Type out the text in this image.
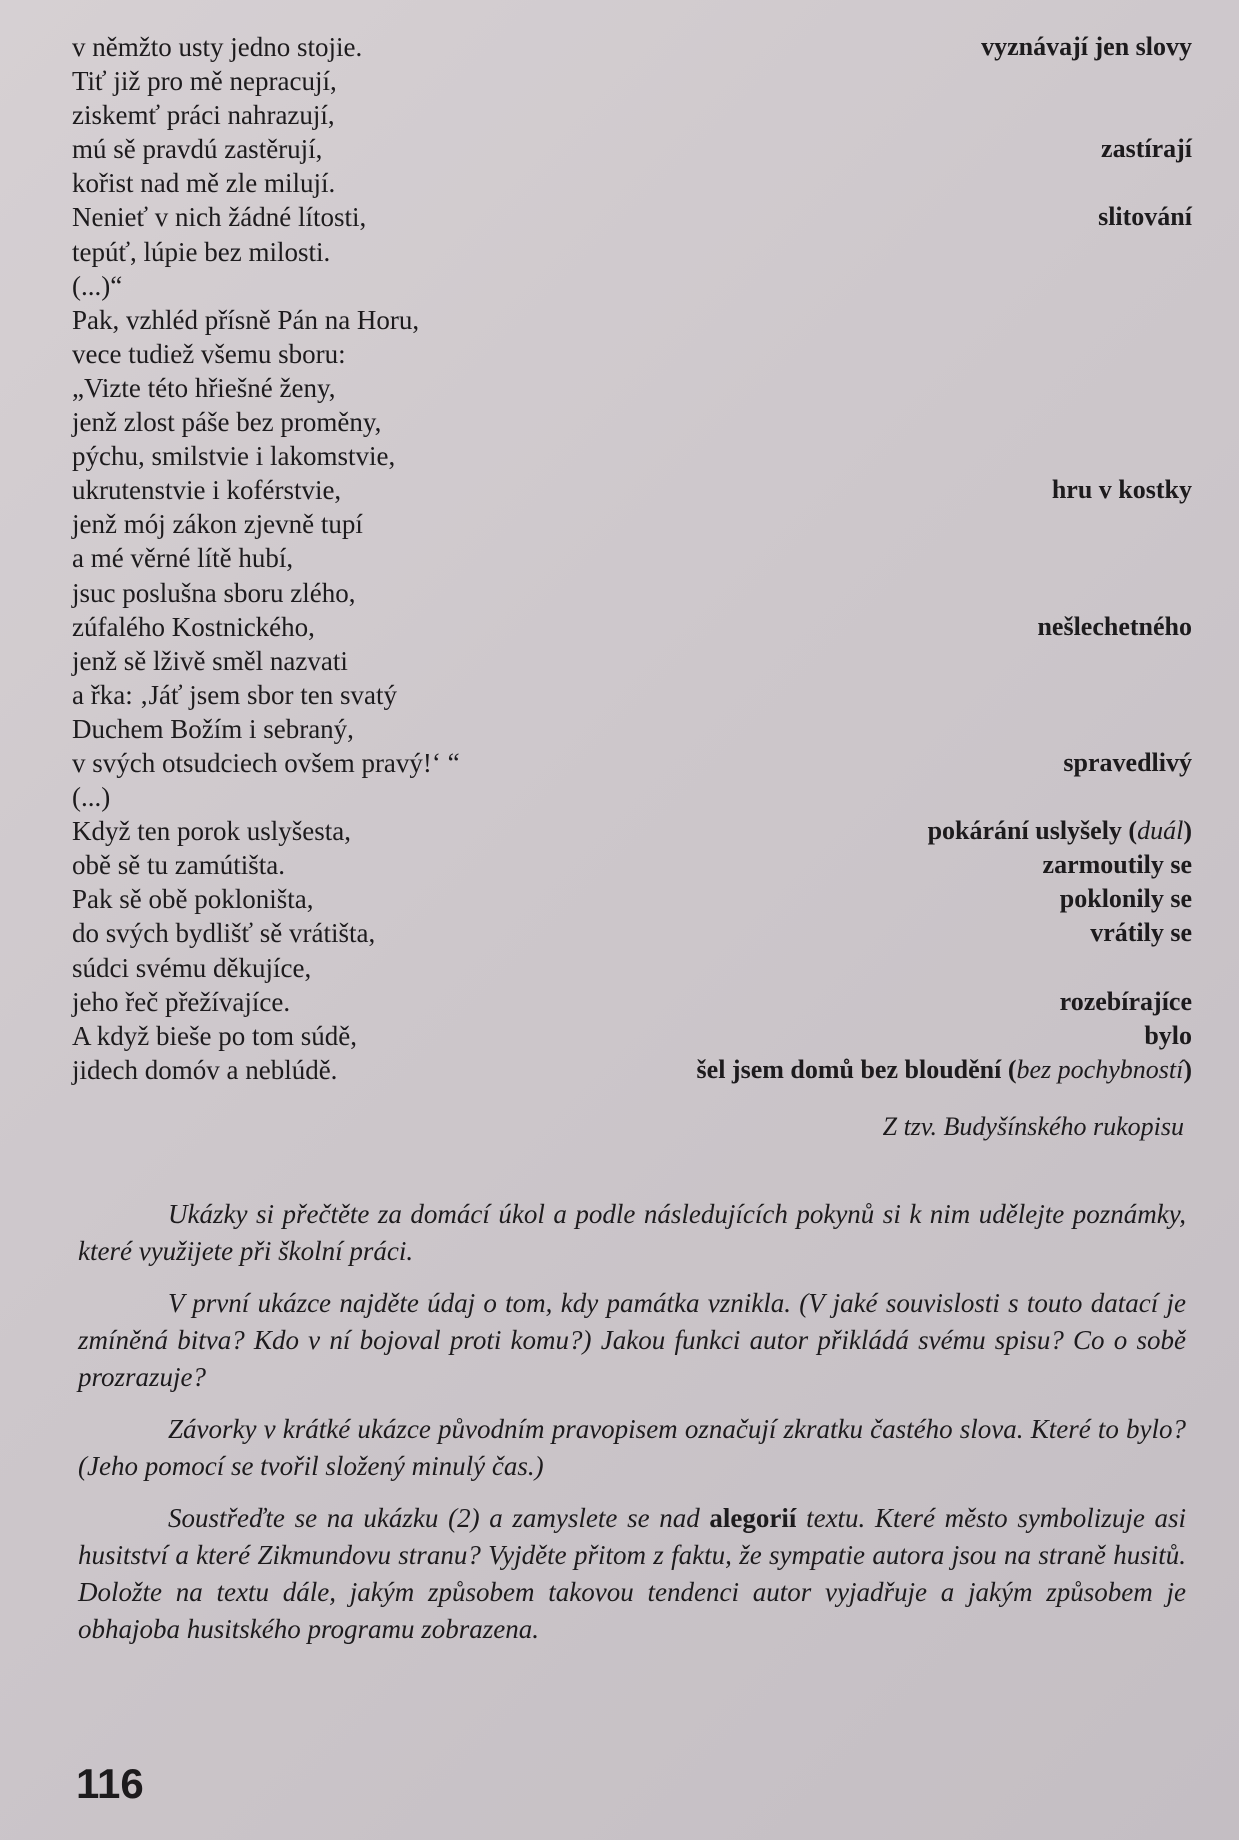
v němžto usty jedno stojie.	vyznávají jen slovy
Tiť již pro mě nepracují,
ziskemť práci nahrazují,
mú sě pravdú zastěrují,	zastírají
kořist nad mě zle milují.
Nenieť v nich žádné lítosti,	slitování
tepúť, lúpie bez milosti.
(...)“
Pak, vzhléd přísně Pán na Horu,
vece tudiež všemu sboru:
„Vizte této hřiešné ženy,
jenž zlost páše bez proměny,
pýchu, smilstvie i lakomstvie,
ukrutenstvie i koférstvie,	hru v kostky
jenž mój zákon zjevně tupí
a mé věrné lítě hubí,
jsuc poslušna sboru zlého,
zúfalého Kostnického,	nešlechetného
jenž sě lživě směl nazvati
a řka: ‚Jáť jsem sbor ten svatý
Duchem Božím i sebraný,
v svých otsudciech ovšem pravý!‘ “	spravedlivý
(...)
Když ten porok uslyšesta,	pokárání uslyšely (duál)
obě sě tu zamútišta.	zarmoutily se
Pak sě obě pokloništa,	poklonily se
do svých bydlišť sě vrátišta,	vrátily se
súdci svému děkujíce,
jeho řeč přežívajíce.	rozebírajíce
A když bieše po tom súdě,	bylo
jidech domóv a neblúdě.	šel jsem domů bez bloudění (bez pochybností)
Z tzv. Budyšínského rukopisu

Ukázky si přečtěte za domácí úkol a podle následujících pokynů si k nim udělejte poznámky, které využijete při školní práci.

V první ukázce najděte údaj o tom, kdy památka vznikla. (V jaké souvislosti s touto datací je zmíněná bitva? Kdo v ní bojoval proti komu?) Jakou funkci autor přikládá svému spisu? Co o sobě prozrazuje?

Závorky v krátké ukázce původním pravopisem označují zkratku častého slova. Které to bylo? (Jeho pomocí se tvořil složený minulý čas.)

Soustřeďte se na ukázku (2) a zamyslete se nad alegorií textu. Které město symbolizuje asi husitství a které Zikmundovu stranu? Vyjděte přitom z faktu, že sympatie autora jsou na straně husitů. Doložte na textu dále, jakým způsobem takovou tendenci autor vyjadřuje a jakým způsobem je obhajoba husitského programu zobrazena.

116
